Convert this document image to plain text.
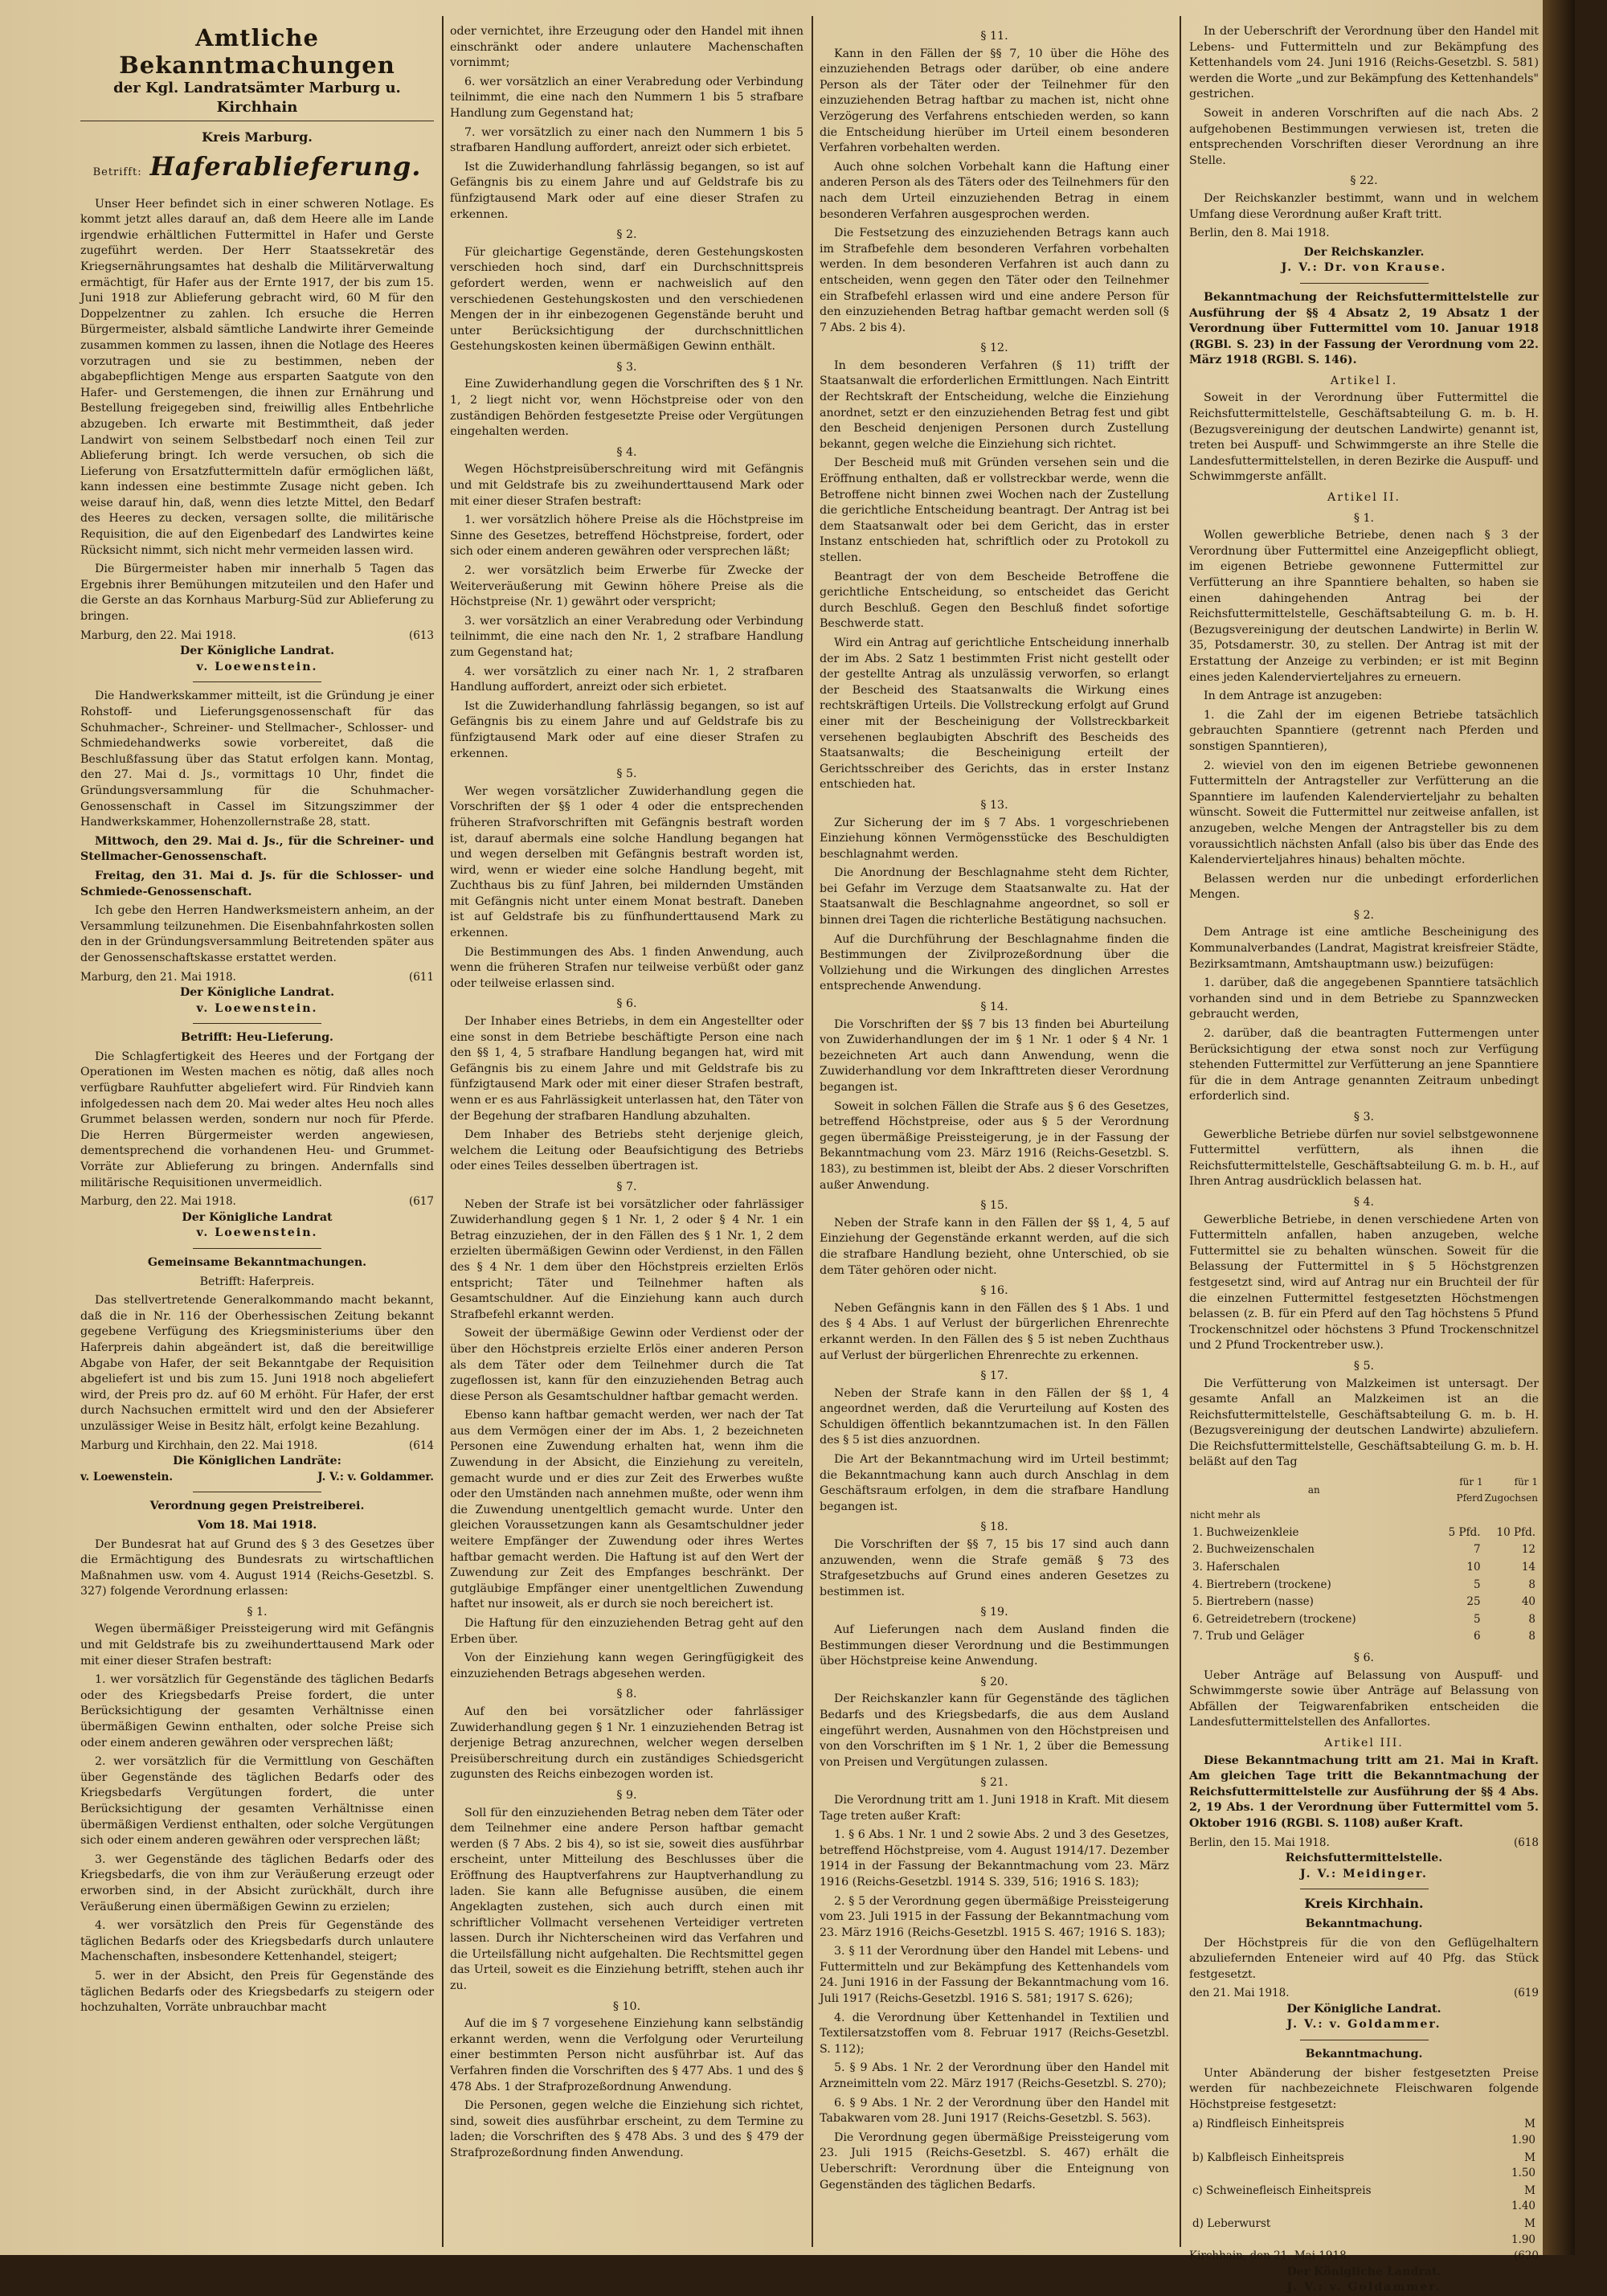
Amtliche Bekanntmachungen
der Kgl. Landratsämter Marburg u. Kirchhain
Kreis Marburg.
Betrifft: Haferablieferung.

Unser Heer befindet sich in einer schweren Notlage. Es kommt jetzt alles darauf an, daß dem Heere alle im Lande irgendwie erhältlichen Futtermittel in Hafer und Gerste zugeführt werden. Der Herr Staatssekretär des Kriegsernährungsamtes hat deshalb die Militärverwaltung ermächtigt, für Hafer aus der Ernte 1917, der bis zum 15. Juni 1918 zur Ablieferung gebracht wird, 60 M für den Doppelzentner zu zahlen. Ich ersuche die Herren Bürgermeister, alsbald sämtliche Landwirte ihrer Gemeinde zusammen kommen zu lassen, ihnen die Notlage des Heeres vorzutragen und sie zu bestimmen, neben der abgabepflichtigen Menge aus ersparten Saatgute von den Hafer- und Gerstemengen, die ihnen zur Ernährung und Bestellung freigegeben sind, freiwillig alles Entbehrliche abzugeben. Ich erwarte mit Bestimmtheit, daß jeder Landwirt von seinem Selbstbedarf noch einen Teil zur Ablieferung bringt. Ich werde versuchen, ob sich die Lieferung von Ersatzfuttermitteln dafür ermöglichen läßt, kann indessen eine bestimmte Zusage nicht geben. Ich weise darauf hin, daß, wenn dies letzte Mittel, den Bedarf des Heeres zu decken, versagen sollte, die militärische Requisition, die auf den Eigenbedarf des Landwirtes keine Rücksicht nimmt, sich nicht mehr vermeiden lassen wird.

Die Bürgermeister haben mir innerhalb 5 Tagen das Ergebnis ihrer Bemühungen mitzuteilen und den Hafer und die Gerste an das Kornhaus Marburg-Süd zur Ablieferung zu bringen.

Marburg, den 22. Mai 1918.	(613

Der Königliche Landrat.

v. Loewenstein.

Die Handwerkskammer mitteilt, ist die Gründung je einer Rohstoff- und Lieferungsgenossenschaft für das Schuhmacher-, Schreiner- und Stellmacher-, Schlosser- und Schmiedehandwerks sowie vorbereitet, daß die Beschlußfassung über das Statut erfolgen kann. Montag, den 27. Mai d. Js., vormittags 10 Uhr, findet die Gründungsversammlung für die Schuhmacher-Genossenschaft in Cassel im Sitzungszimmer der Handwerkskammer, Hohenzollernstraße 28, statt.

Mittwoch, den 29. Mai d. Js., für die Schreiner- und Stellmacher-Genossenschaft.

Freitag, den 31. Mai d. Js. für die Schlosser- und Schmiede-Genossenschaft.

Ich gebe den Herren Handwerksmeistern anheim, an der Versammlung teilzunehmen. Die Eisenbahnfahrkosten sollen den in der Gründungsversammlung Beitretenden später aus der Genossenschaftskasse erstattet werden.

Marburg, den 21. Mai 1918.	(611

Der Königliche Landrat.

v. Loewenstein.

Betrifft: Heu-Lieferung.

Die Schlagfertigkeit des Heeres und der Fortgang der Operationen im Westen machen es nötig, daß alles noch verfügbare Rauhfutter abgeliefert wird. Für Rindvieh kann infolgedessen nach dem 20. Mai weder altes Heu noch alles Grummet belassen werden, sondern nur noch für Pferde. Die Herren Bürgermeister werden angewiesen, dementsprechend die vorhandenen Heu- und Grummet-Vorräte zur Ablieferung zu bringen. Andernfalls sind militärische Requisitionen unvermeidlich.

Marburg, den 22. Mai 1918.	(617

Der Königliche Landrat

v. Loewenstein.

Gemeinsame Bekanntmachungen.

Betrifft: Haferpreis.

Das stellvertretende Generalkommando macht bekannt, daß die in Nr. 116 der Oberhessischen Zeitung bekannt gegebene Verfügung des Kriegsministeriums über den Haferpreis dahin abgeändert ist, daß die bereitwillige Abgabe von Hafer, der seit Bekanntgabe der Requisition abgeliefert ist und bis zum 15. Juni 1918 noch abgeliefert wird, der Preis pro dz. auf 60 M erhöht. Für Hafer, der erst durch Nachsuchen ermittelt wird und den der Absieferer unzulässiger Weise in Besitz hält, erfolgt keine Bezahlung.

Marburg und Kirchhain, den 22. Mai 1918.	(614

Die Königlichen Landräte:

v. Loewenstein.	J. V.: v. Goldammer.

Verordnung gegen Preistreiberei.

Vom 18. Mai 1918.

Der Bundesrat hat auf Grund des § 3 des Gesetzes über die Ermächtigung des Bundesrats zu wirtschaftlichen Maßnahmen usw. vom 4. August 1914 (Reichs-Gesetzbl. S. 327) folgende Verordnung erlassen:

§ 1.

Wegen übermäßiger Preissteigerung wird mit Gefängnis und mit Geldstrafe bis zu zweihunderttausend Mark oder mit einer dieser Strafen bestraft:

1. wer vorsätzlich für Gegenstände des täglichen Bedarfs oder des Kriegsbedarfs Preise fordert, die unter Berücksichtigung der gesamten Verhältnisse einen übermäßigen Gewinn enthalten, oder solche Preise sich oder einem anderen gewähren oder versprechen läßt;

2. wer vorsätzlich für die Vermittlung von Geschäften über Gegenstände des täglichen Bedarfs oder des Kriegsbedarfs Vergütungen fordert, die unter Berücksichtigung der gesamten Verhältnisse einen übermäßigen Verdienst enthalten, oder solche Vergütungen sich oder einem anderen gewähren oder versprechen läßt;

3. wer Gegenstände des täglichen Bedarfs oder des Kriegsbedarfs, die von ihm zur Veräußerung erzeugt oder erworben sind, in der Absicht zurückhält, durch ihre Veräußerung einen übermäßigen Gewinn zu erzielen;

4. wer vorsätzlich den Preis für Gegenstände des täglichen Bedarfs oder des Kriegsbedarfs durch unlautere Machenschaften, insbesondere Kettenhandel, steigert;

5. wer in der Absicht, den Preis für Gegenstände des täglichen Bedarfs oder des Kriegsbedarfs zu steigern oder hochzuhalten, Vorräte unbrauchbar macht

oder vernichtet, ihre Erzeugung oder den Handel mit ihnen einschränkt oder andere unlautere Machenschaften vornimmt;

6. wer vorsätzlich an einer Verabredung oder Verbindung teilnimmt, die eine nach den Nummern 1 bis 5 strafbare Handlung zum Gegenstand hat;

7. wer vorsätzlich zu einer nach den Nummern 1 bis 5 strafbaren Handlung auffordert, anreizt oder sich erbietet.

Ist die Zuwiderhandlung fahrlässig begangen, so ist auf Gefängnis bis zu einem Jahre und auf Geldstrafe bis zu fünfzigtausend Mark oder auf eine dieser Strafen zu erkennen.

§ 2.

Für gleichartige Gegenstände, deren Gestehungskosten verschieden hoch sind, darf ein Durchschnittspreis gefordert werden, wenn er nachweislich auf den verschiedenen Gestehungskosten und den verschiedenen Mengen der in ihr einbezogenen Gegenstände beruht und unter Berücksichtigung der durchschnittlichen Gestehungskosten keinen übermäßigen Gewinn enthält.

§ 3.

Eine Zuwiderhandlung gegen die Vorschriften des § 1 Nr. 1, 2 liegt nicht vor, wenn Höchstpreise oder von den zuständigen Behörden festgesetzte Preise oder Vergütungen eingehalten werden.

§ 4.

Wegen Höchstpreisüberschreitung wird mit Gefängnis und mit Geldstrafe bis zu zweihunderttausend Mark oder mit einer dieser Strafen bestraft:

1. wer vorsätzlich höhere Preise als die Höchstpreise im Sinne des Gesetzes, betreffend Höchstpreise, fordert, oder sich oder einem anderen gewähren oder versprechen läßt;

2. wer vorsätzlich beim Erwerbe für Zwecke der Weiterveräußerung mit Gewinn höhere Preise als die Höchstpreise (Nr. 1) gewährt oder verspricht;

3. wer vorsätzlich an einer Verabredung oder Verbindung teilnimmt, die eine nach den Nr. 1, 2 strafbare Handlung zum Gegenstand hat;

4. wer vorsätzlich zu einer nach Nr. 1, 2 strafbaren Handlung auffordert, anreizt oder sich erbietet.

Ist die Zuwiderhandlung fahrlässig begangen, so ist auf Gefängnis bis zu einem Jahre und auf Geldstrafe bis zu fünfzigtausend Mark oder auf eine dieser Strafen zu erkennen.

§ 5.

Wer wegen vorsätzlicher Zuwiderhandlung gegen die Vorschriften der §§ 1 oder 4 oder die entsprechenden früheren Strafvorschriften mit Gefängnis bestraft worden ist, darauf abermals eine solche Handlung begangen hat und wegen derselben mit Gefängnis bestraft worden ist, wird, wenn er wieder eine solche Handlung begeht, mit Zuchthaus bis zu fünf Jahren, bei mildernden Umständen mit Gefängnis nicht unter einem Monat bestraft. Daneben ist auf Geldstrafe bis zu fünfhunderttausend Mark zu erkennen.

Die Bestimmungen des Abs. 1 finden Anwendung, auch wenn die früheren Strafen nur teilweise verbüßt oder ganz oder teilweise erlassen sind.

§ 6.

Der Inhaber eines Betriebs, in dem ein Angestellter oder eine sonst in dem Betriebe beschäftigte Person eine nach den §§ 1, 4, 5 strafbare Handlung begangen hat, wird mit Gefängnis bis zu einem Jahre und mit Geldstrafe bis zu fünfzigtausend Mark oder mit einer dieser Strafen bestraft, wenn er es aus Fahrlässigkeit unterlassen hat, den Täter von der Begehung der strafbaren Handlung abzuhalten.

Dem Inhaber des Betriebs steht derjenige gleich, welchem die Leitung oder Beaufsichtigung des Betriebs oder eines Teiles desselben übertragen ist.

§ 7.

Neben der Strafe ist bei vorsätzlicher oder fahrlässiger Zuwiderhandlung gegen § 1 Nr. 1, 2 oder § 4 Nr. 1 ein Betrag einzuziehen, der in den Fällen des § 1 Nr. 1, 2 dem erzielten übermäßigen Gewinn oder Verdienst, in den Fällen des § 4 Nr. 1 dem über den Höchstpreis erzielten Erlös entspricht; Täter und Teilnehmer haften als Gesamtschuldner. Auf die Einziehung kann auch durch Strafbefehl erkannt werden.

Soweit der übermäßige Gewinn oder Verdienst oder der über den Höchstpreis erzielte Erlös einer anderen Person als dem Täter oder dem Teilnehmer durch die Tat zugeflossen ist, kann für den einzuziehenden Betrag auch diese Person als Gesamtschuldner haftbar gemacht werden.

Ebenso kann haftbar gemacht werden, wer nach der Tat aus dem Vermögen einer der im Abs. 1, 2 bezeichneten Personen eine Zuwendung erhalten hat, wenn ihm die Zuwendung in der Absicht, die Einziehung zu vereiteln, gemacht wurde und er dies zur Zeit des Erwerbes wußte oder den Umständen nach annehmen mußte, oder wenn ihm die Zuwendung unentgeltlich gemacht wurde. Unter den gleichen Voraussetzungen kann als Gesamtschuldner jeder weitere Empfänger der Zuwendung oder ihres Wertes haftbar gemacht werden. Die Haftung ist auf den Wert der Zuwendung zur Zeit des Empfanges beschränkt. Der gutgläubige Empfänger einer unentgeltlichen Zuwendung haftet nur insoweit, als er durch sie noch bereichert ist.

Die Haftung für den einzuziehenden Betrag geht auf den Erben über.

Von der Einziehung kann wegen Geringfügigkeit des einzuziehenden Betrags abgesehen werden.

§ 8.

Auf den bei vorsätzlicher oder fahrlässiger Zuwiderhandlung gegen § 1 Nr. 1 einzuziehenden Betrag ist derjenige Betrag anzurechnen, welcher wegen derselben Preisüberschreitung durch ein zuständiges Schiedsgericht zugunsten des Reichs einbezogen worden ist.

§ 9.

Soll für den einzuziehenden Betrag neben dem Täter oder dem Teilnehmer eine andere Person haftbar gemacht werden (§ 7 Abs. 2 bis 4), so ist sie, soweit dies ausführbar erscheint, unter Mitteilung des Beschlusses über die Eröffnung des Hauptverfahrens zur Hauptverhandlung zu laden. Sie kann alle Befugnisse ausüben, die einem Angeklagten zustehen, sich auch durch einen mit schriftlicher Vollmacht versehenen Verteidiger vertreten lassen. Durch ihr Nichterscheinen wird das Verfahren und die Urteilsfällung nicht aufgehalten. Die Rechtsmittel gegen das Urteil, soweit es die Einziehung betrifft, stehen auch ihr zu.

§ 10.

Auf die im § 7 vorgesehene Einziehung kann selbständig erkannt werden, wenn die Verfolgung oder Verurteilung einer bestimmten Person nicht ausführbar ist. Auf das Verfahren finden die Vorschriften des § 477 Abs. 1 und des § 478 Abs. 1 der Strafprozeßordnung Anwendung.

Die Personen, gegen welche die Einziehung sich richtet, sind, soweit dies ausführbar erscheint, zu dem Termine zu laden; die Vorschriften des § 478 Abs. 3 und des § 479 der Strafprozeßordnung finden Anwendung.

§ 11.

Kann in den Fällen der §§ 7, 10 über die Höhe des einzuziehenden Betrags oder darüber, ob eine andere Person als der Täter oder der Teilnehmer für den einzuziehenden Betrag haftbar zu machen ist, nicht ohne Verzögerung des Verfahrens entschieden werden, so kann die Entscheidung hierüber im Urteil einem besonderen Verfahren vorbehalten werden.

Auch ohne solchen Vorbehalt kann die Haftung einer anderen Person als des Täters oder des Teilnehmers für den nach dem Urteil einzuziehenden Betrag in einem besonderen Verfahren ausgesprochen werden.

Die Festsetzung des einzuziehenden Betrags kann auch im Strafbefehle dem besonderen Verfahren vorbehalten werden. In dem besonderen Verfahren ist auch dann zu entscheiden, wenn gegen den Täter oder den Teilnehmer ein Strafbefehl erlassen wird und eine andere Person für den einzuziehenden Betrag haftbar gemacht werden soll (§ 7 Abs. 2 bis 4).

§ 12.

In dem besonderen Verfahren (§ 11) trifft der Staatsanwalt die erforderlichen Ermittlungen. Nach Eintritt der Rechtskraft der Entscheidung, welche die Einziehung anordnet, setzt er den einzuziehenden Betrag fest und gibt den Bescheid denjenigen Personen durch Zustellung bekannt, gegen welche die Einziehung sich richtet.

Der Bescheid muß mit Gründen versehen sein und die Eröffnung enthalten, daß er vollstreckbar werde, wenn die Betroffene nicht binnen zwei Wochen nach der Zustellung die gerichtliche Entscheidung beantragt. Der Antrag ist bei dem Staatsanwalt oder bei dem Gericht, das in erster Instanz entschieden hat, schriftlich oder zu Protokoll zu stellen.

Beantragt der von dem Bescheide Betroffene die gerichtliche Entscheidung, so entscheidet das Gericht durch Beschluß. Gegen den Beschluß findet sofortige Beschwerde statt.

Wird ein Antrag auf gerichtliche Entscheidung innerhalb der im Abs. 2 Satz 1 bestimmten Frist nicht gestellt oder der gestellte Antrag als unzulässig verworfen, so erlangt der Bescheid des Staatsanwalts die Wirkung eines rechtskräftigen Urteils. Die Vollstreckung erfolgt auf Grund einer mit der Bescheinigung der Vollstreckbarkeit versehenen beglaubigten Abschrift des Bescheids des Staatsanwalts; die Bescheinigung erteilt der Gerichtsschreiber des Gerichts, das in erster Instanz entschieden hat.

§ 13.

Zur Sicherung der im § 7 Abs. 1 vorgeschriebenen Einziehung können Vermögensstücke des Beschuldigten beschlagnahmt werden.

Die Anordnung der Beschlagnahme steht dem Richter, bei Gefahr im Verzuge dem Staatsanwalte zu. Hat der Staatsanwalt die Beschlagnahme angeordnet, so soll er binnen drei Tagen die richterliche Bestätigung nachsuchen.

Auf die Durchführung der Beschlagnahme finden die Bestimmungen der Zivilprozeßordnung über die Vollziehung und die Wirkungen des dinglichen Arrestes entsprechende Anwendung.

§ 14.

Die Vorschriften der §§ 7 bis 13 finden bei Aburteilung von Zuwiderhandlungen der im § 1 Nr. 1 oder § 4 Nr. 1 bezeichneten Art auch dann Anwendung, wenn die Zuwiderhandlung vor dem Inkrafttreten dieser Verordnung begangen ist.

Soweit in solchen Fällen die Strafe aus § 6 des Gesetzes, betreffend Höchstpreise, oder aus § 5 der Verordnung gegen übermäßige Preissteigerung, je in der Fassung der Bekanntmachung vom 23. März 1916 (Reichs-Gesetzbl. S. 183), zu bestimmen ist, bleibt der Abs. 2 dieser Vorschriften außer Anwendung.

§ 15.

Neben der Strafe kann in den Fällen der §§ 1, 4, 5 auf Einziehung der Gegenstände erkannt werden, auf die sich die strafbare Handlung bezieht, ohne Unterschied, ob sie dem Täter gehören oder nicht.

§ 16.

Neben Gefängnis kann in den Fällen des § 1 Abs. 1 und des § 4 Abs. 1 auf Verlust der bürgerlichen Ehrenrechte erkannt werden. In den Fällen des § 5 ist neben Zuchthaus auf Verlust der bürgerlichen Ehrenrechte zu erkennen.

§ 17.

Neben der Strafe kann in den Fällen der §§ 1, 4 angeordnet werden, daß die Verurteilung auf Kosten des Schuldigen öffentlich bekanntzumachen ist. In den Fällen des § 5 ist dies anzuordnen.

Die Art der Bekanntmachung wird im Urteil bestimmt; die Bekanntmachung kann auch durch Anschlag in dem Geschäftsraum erfolgen, in dem die strafbare Handlung begangen ist.

§ 18.

Die Vorschriften der §§ 7, 15 bis 17 sind auch dann anzuwenden, wenn die Strafe gemäß § 73 des Strafgesetzbuchs auf Grund eines anderen Gesetzes zu bestimmen ist.

§ 19.

Auf Lieferungen nach dem Ausland finden die Bestimmungen dieser Verordnung und die Bestimmungen über Höchstpreise keine Anwendung.

§ 20.

Der Reichskanzler kann für Gegenstände des täglichen Bedarfs und des Kriegsbedarfs, die aus dem Ausland eingeführt werden, Ausnahmen von den Höchstpreisen und von den Vorschriften im § 1 Nr. 1, 2 über die Bemessung von Preisen und Vergütungen zulassen.

§ 21.

Die Verordnung tritt am 1. Juni 1918 in Kraft. Mit diesem Tage treten außer Kraft:

1. § 6 Abs. 1 Nr. 1 und 2 sowie Abs. 2 und 3 des Gesetzes, betreffend Höchstpreise, vom 4. August 1914/17. Dezember 1914 in der Fassung der Bekanntmachung vom 23. März 1916 (Reichs-Gesetzbl. 1914 S. 339, 516; 1916 S. 183);

2. § 5 der Verordnung gegen übermäßige Preissteigerung vom 23. Juli 1915 in der Fassung der Bekanntmachung vom 23. März 1916 (Reichs-Gesetzbl. 1915 S. 467; 1916 S. 183);

3. § 11 der Verordnung über den Handel mit Lebens- und Futtermitteln und zur Bekämpfung des Kettenhandels vom 24. Juni 1916 in der Fassung der Bekanntmachung vom 16. Juli 1917 (Reichs-Gesetzbl. 1916 S. 581; 1917 S. 626);

4. die Verordnung über Kettenhandel in Textilien und Textilersatzstoffen vom 8. Februar 1917 (Reichs-Gesetzbl. S. 112);

5. § 9 Abs. 1 Nr. 2 der Verordnung über den Handel mit Arzneimitteln vom 22. März 1917 (Reichs-Gesetzbl. S. 270);

6. § 9 Abs. 1 Nr. 2 der Verordnung über den Handel mit Tabakwaren vom 28. Juni 1917 (Reichs-Gesetzbl. S. 563).

Die Verordnung gegen übermäßige Preissteigerung vom 23. Juli 1915 (Reichs-Gesetzbl. S. 467) erhält die Ueberschrift: Verordnung über die Enteignung von Gegenständen des täglichen Bedarfs.

In der Ueberschrift der Verordnung über den Handel mit Lebens- und Futtermitteln und zur Bekämpfung des Kettenhandels vom 24. Juni 1916 (Reichs-Gesetzbl. S. 581) werden die Worte „und zur Bekämpfung des Kettenhandels" gestrichen.

Soweit in anderen Vorschriften auf die nach Abs. 2 aufgehobenen Bestimmungen verwiesen ist, treten die entsprechenden Vorschriften dieser Verordnung an ihre Stelle.

§ 22.

Der Reichskanzler bestimmt, wann und in welchem Umfang diese Verordnung außer Kraft tritt.

Berlin, den 8. Mai 1918.

Der Reichskanzler.

J. V.: Dr. von Krause.

Bekanntmachung der Reichsfuttermittelstelle zur Ausführung der §§ 4 Absatz 2, 19 Absatz 1 der Verordnung über Futtermittel vom 10. Januar 1918 (RGBl. S. 23) in der Fassung der Verordnung vom 22. März 1918 (RGBl. S. 146).

Artikel I.

Soweit in der Verordnung über Futtermittel die Reichsfuttermittelstelle, Geschäftsabteilung G. m. b. H. (Bezugsvereinigung der deutschen Landwirte) genannt ist, treten bei Auspuff- und Schwimmgerste an ihre Stelle die Landesfuttermittelstellen, in deren Bezirke die Auspuff- und Schwimmgerste anfällt.

Artikel II.

§ 1.

Wollen gewerbliche Betriebe, denen nach § 3 der Verordnung über Futtermittel eine Anzeigepflicht obliegt, im eigenen Betriebe gewonnene Futtermittel zur Verfütterung an ihre Spanntiere behalten, so haben sie einen dahingehenden Antrag bei der Reichsfuttermittelstelle, Geschäftsabteilung G. m. b. H. (Bezugsvereinigung der deutschen Landwirte) in Berlin W. 35, Potsdamerstr. 30, zu stellen. Der Antrag ist mit der Erstattung der Anzeige zu verbinden; er ist mit Beginn eines jeden Kalendervierteljahres zu erneuern.

In dem Antrage ist anzugeben:

1. die Zahl der im eigenen Betriebe tatsächlich gebrauchten Spanntiere (getrennt nach Pferden und sonstigen Spanntieren),

2. wieviel von den im eigenen Betriebe gewonnenen Futtermitteln der Antragsteller zur Verfütterung an die Spanntiere im laufenden Kalendervierteljahr zu behalten wünscht. Soweit die Futtermittel nur zeitweise anfallen, ist anzugeben, welche Mengen der Antragsteller bis zu dem voraussichtlich nächsten Anfall (also bis über das Ende des Kalendervierteljahres hinaus) behalten möchte.

Belassen werden nur die unbedingt erforderlichen Mengen.

§ 2.

Dem Antrage ist eine amtliche Bescheinigung des Kommunalverbandes (Landrat, Magistrat kreisfreier Städte, Bezirksamtmann, Amtshauptmann usw.) beizufügen:

1. darüber, daß die angegebenen Spanntiere tatsächlich vorhanden sind und in dem Betriebe zu Spannzwecken gebraucht werden,

2. darüber, daß die beantragten Futtermengen unter Berücksichtigung der etwa sonst noch zur Verfügung stehenden Futtermittel zur Verfütterung an jene Spanntiere für die in dem Antrage genannten Zeitraum unbedingt erforderlich sind.

§ 3.

Gewerbliche Betriebe dürfen nur soviel selbstgewonnene Futtermittel verfüttern, als ihnen die Reichsfuttermittelstelle, Geschäftsabteilung G. m. b. H., auf Ihren Antrag ausdrücklich belassen hat.

§ 4.

Gewerbliche Betriebe, in denen verschiedene Arten von Futtermitteln anfallen, haben anzugeben, welche Futtermittel sie zu behalten wünschen. Soweit für die Belassung der Futtermittel in § 5 Höchstgrenzen festgesetzt sind, wird auf Antrag nur ein Bruchteil der für die einzelnen Futtermittel festgesetzten Höchstmengen belassen (z. B. für ein Pferd auf den Tag höchstens 5 Pfund Trockenschnitzel oder höchstens 3 Pfund Trockenschnitzel und 2 Pfund Trockentreber usw.).

§ 5.

Die Verfütterung von Malzkeimen ist untersagt. Der gesamte Anfall an Malzkeimen ist an die Reichsfuttermittelstelle, Geschäftsabteilung G. m. b. H. (Bezugsvereinigung der deutschen Landwirte) abzuliefern. Die Reichsfuttermittelstelle, Geschäftsabteilung G. m. b. H. beläßt auf den Tag

an	für 1 Pferd	für 1 Zugochsen
nicht mehr als		
1. Buchweizenkleie	5 Pfd.	10 Pfd.
2. Buchweizenschalen	7	12
3. Haferschalen	10	14
4. Biertrebern (trockene)	5	8
5. Biertrebern (nasse)	25	40
6. Getreidetrebern (trockene)	5	8
7. Trub und Geläger	6	8

§ 6.

Ueber Anträge auf Belassung von Auspuff- und Schwimmgerste sowie über Anträge auf Belassung von Abfällen der Teigwarenfabriken entscheiden die Landesfuttermittelstellen des Anfallortes.

Artikel III.

Diese Bekanntmachung tritt am 21. Mai in Kraft. Am gleichen Tage tritt die Bekanntmachung der Reichsfuttermittelstelle zur Ausführung der §§ 4 Abs. 2, 19 Abs. 1 der Verordnung über Futtermittel vom 5. Oktober 1916 (RGBl. S. 1108) außer Kraft.

Berlin, den 15. Mai 1918.	(618

Reichsfuttermittelstelle.

J. V.: Meidinger.

Kreis Kirchhain.

Bekanntmachung.

Der Höchstpreis für die von den Geflügelhaltern abzuliefernden Enteneier wird auf 40 Pfg. das Stück festgesetzt.

den 21. Mai 1918.	(619

Der Königliche Landrat.

J. V.: v. Goldammer.

Bekanntmachung.

Unter Abänderung der bisher festgesetzten Preise werden für nachbezeichnete Fleischwaren folgende Höchstpreise festgesetzt:

a) Rindfleisch Einheitspreis	M 1.90
b) Kalbfleisch Einheitspreis	M 1.50
c) Schweinefleisch Einheitspreis	M 1.40
d) Leberwurst	M 1.90
Kirchhain, den 21. Mai 1918.	(620

Der Königliche Landrat.

J. V.: v. Goldammer.
